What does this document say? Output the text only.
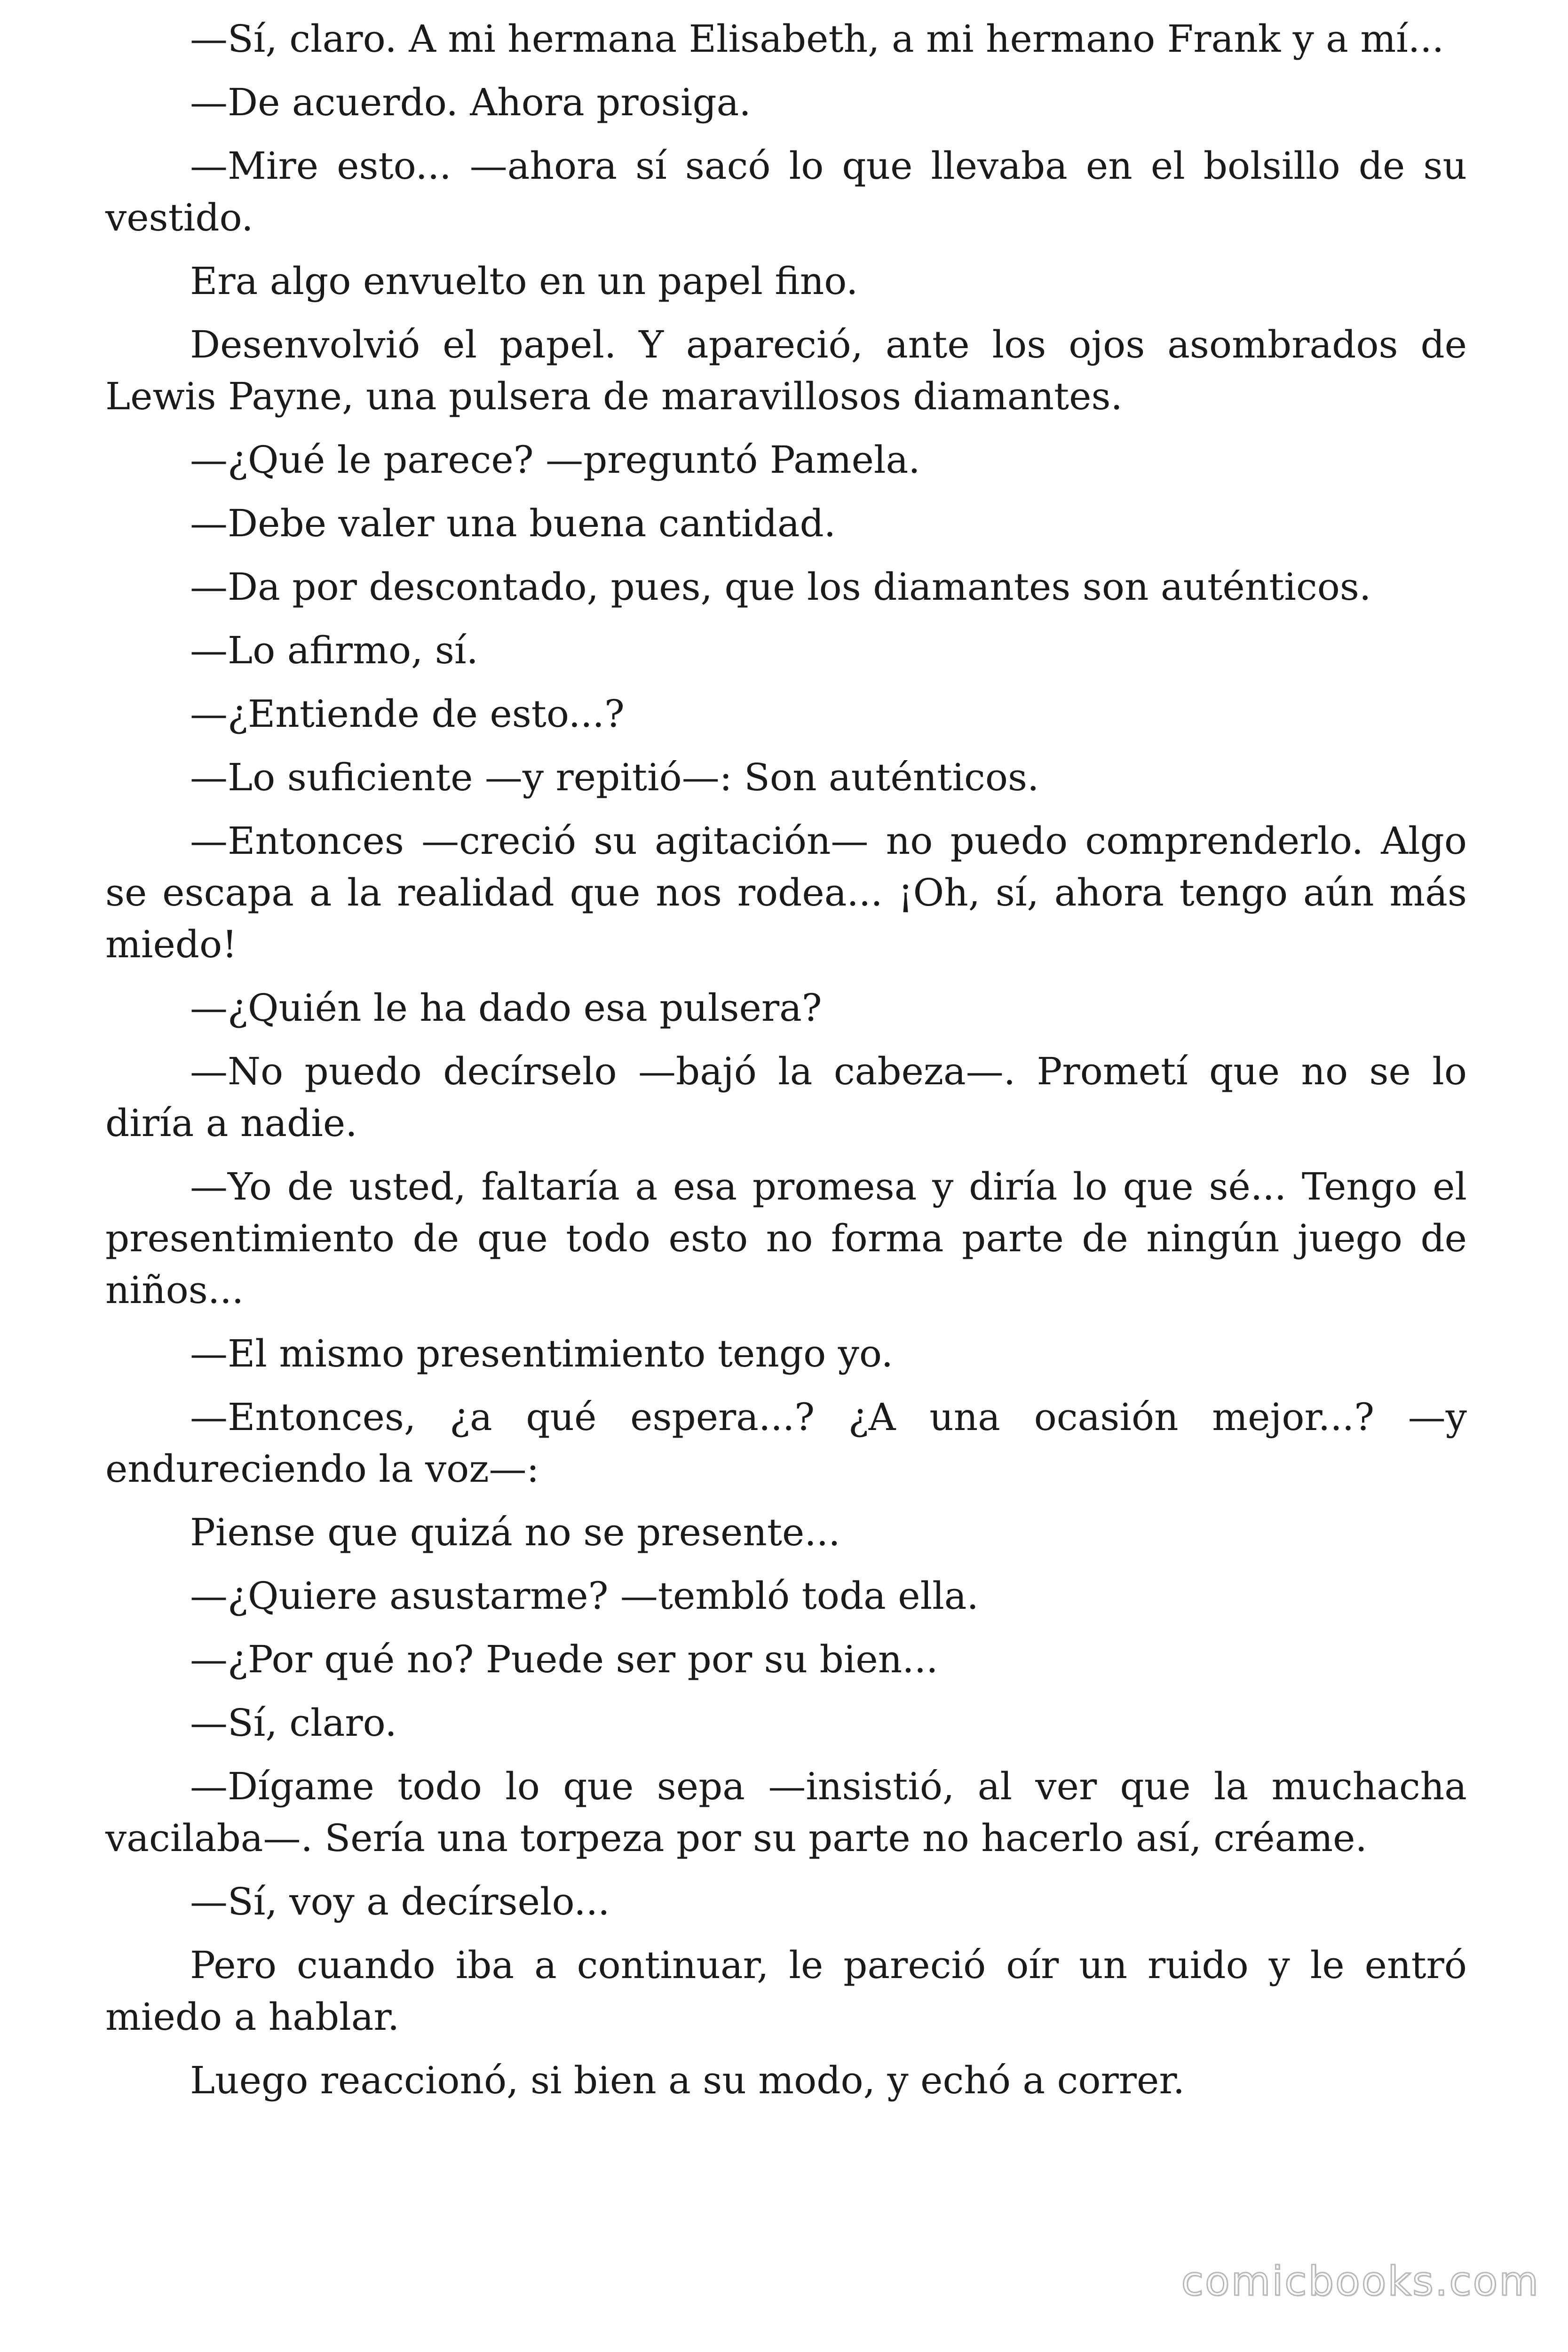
—Sí, claro. A mi hermana Elisabeth, a mi hermano Frank y a mí...

—De acuerdo. Ahora prosiga.

—Mire esto... —ahora sí sacó lo que llevaba en el bolsillo de su vestido.

Era algo envuelto en un papel fino.

Desenvolvió el papel. Y apareció, ante los ojos asombrados de Lewis Payne, una pulsera de maravillosos diamantes.

—¿Qué le parece? —preguntó Pamela.

—Debe valer una buena cantidad.

—Da por descontado, pues, que los diamantes son auténticos.

—Lo afirmo, sí.

—¿Entiende de esto...?

—Lo suficiente —y repitió—: Son auténticos.

—Entonces —creció su agitación— no puedo comprenderlo. Algo se escapa a la realidad que nos rodea... ¡Oh, sí, ahora tengo aún más miedo!

—¿Quién le ha dado esa pulsera?

—No puedo decírselo —bajó la cabeza—. Prometí que no se lo diría a nadie.

—Yo de usted, faltaría a esa promesa y diría lo que sé... Tengo el presentimiento de que todo esto no forma parte de ningún juego de niños...

—El mismo presentimiento tengo yo.

—Entonces, ¿a qué espera...? ¿A una ocasión mejor...? —y endureciendo la voz—:

Piense que quizá no se presente...

—¿Quiere asustarme? —tembló toda ella.

—¿Por qué no? Puede ser por su bien...

—Sí, claro.

—Dígame todo lo que sepa —insistió, al ver que la muchacha vacilaba—. Sería una torpeza por su parte no hacerlo así, créame.

—Sí, voy a decírselo...

Pero cuando iba a continuar, le pareció oír un ruido y le entró miedo a hablar.

Luego reaccionó, si bien a su modo, y echó a correr.

comicbooks.com
